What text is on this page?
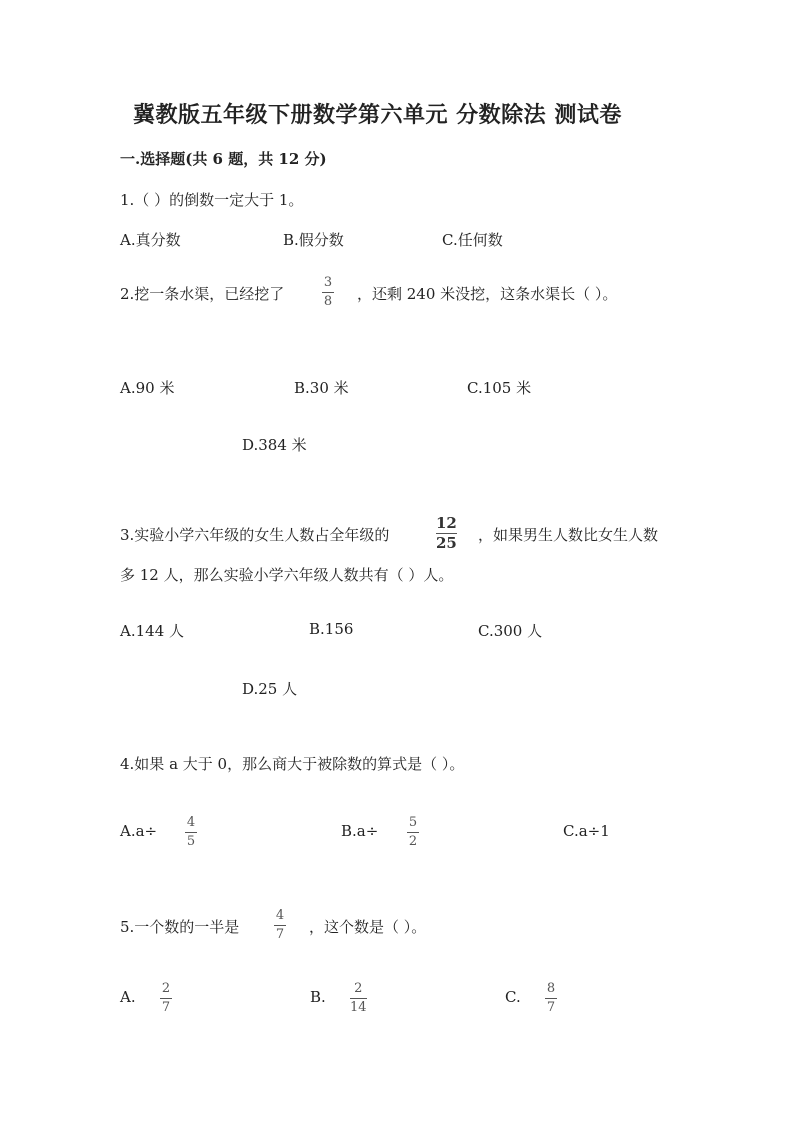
冀教版五年级下册数学第六单元 分数除法 测试卷
一.选择题(共 6 题，共 12 分)
1.（ ）的倒数一定大于 1。
A.真分数	B.假分数	C.任何数
2.挖一条水渠，已经挖了
3
8 ，还剩 240 米没挖，这条水渠长（ ）。
A.90 米	B.30 米	C.105 米
D.384 米
3.实验小学六年级的女生人数占全年级的
12
25 ，如果男生人数比女生人数
多 12 人，那么实验小学六年级人数共有（ ）人。
A.144 人	B.156	C.300 人
D.25 人
4.如果 a 大于 0，那么商大于被除数的算式是（ ）。
A.a÷ 4
5
B.a÷ 5
2
C.a÷1
5.一个数的一半是
4
7 ，这个数是（ ）。
A. 2
7
B. 2
14
C. 8
7
